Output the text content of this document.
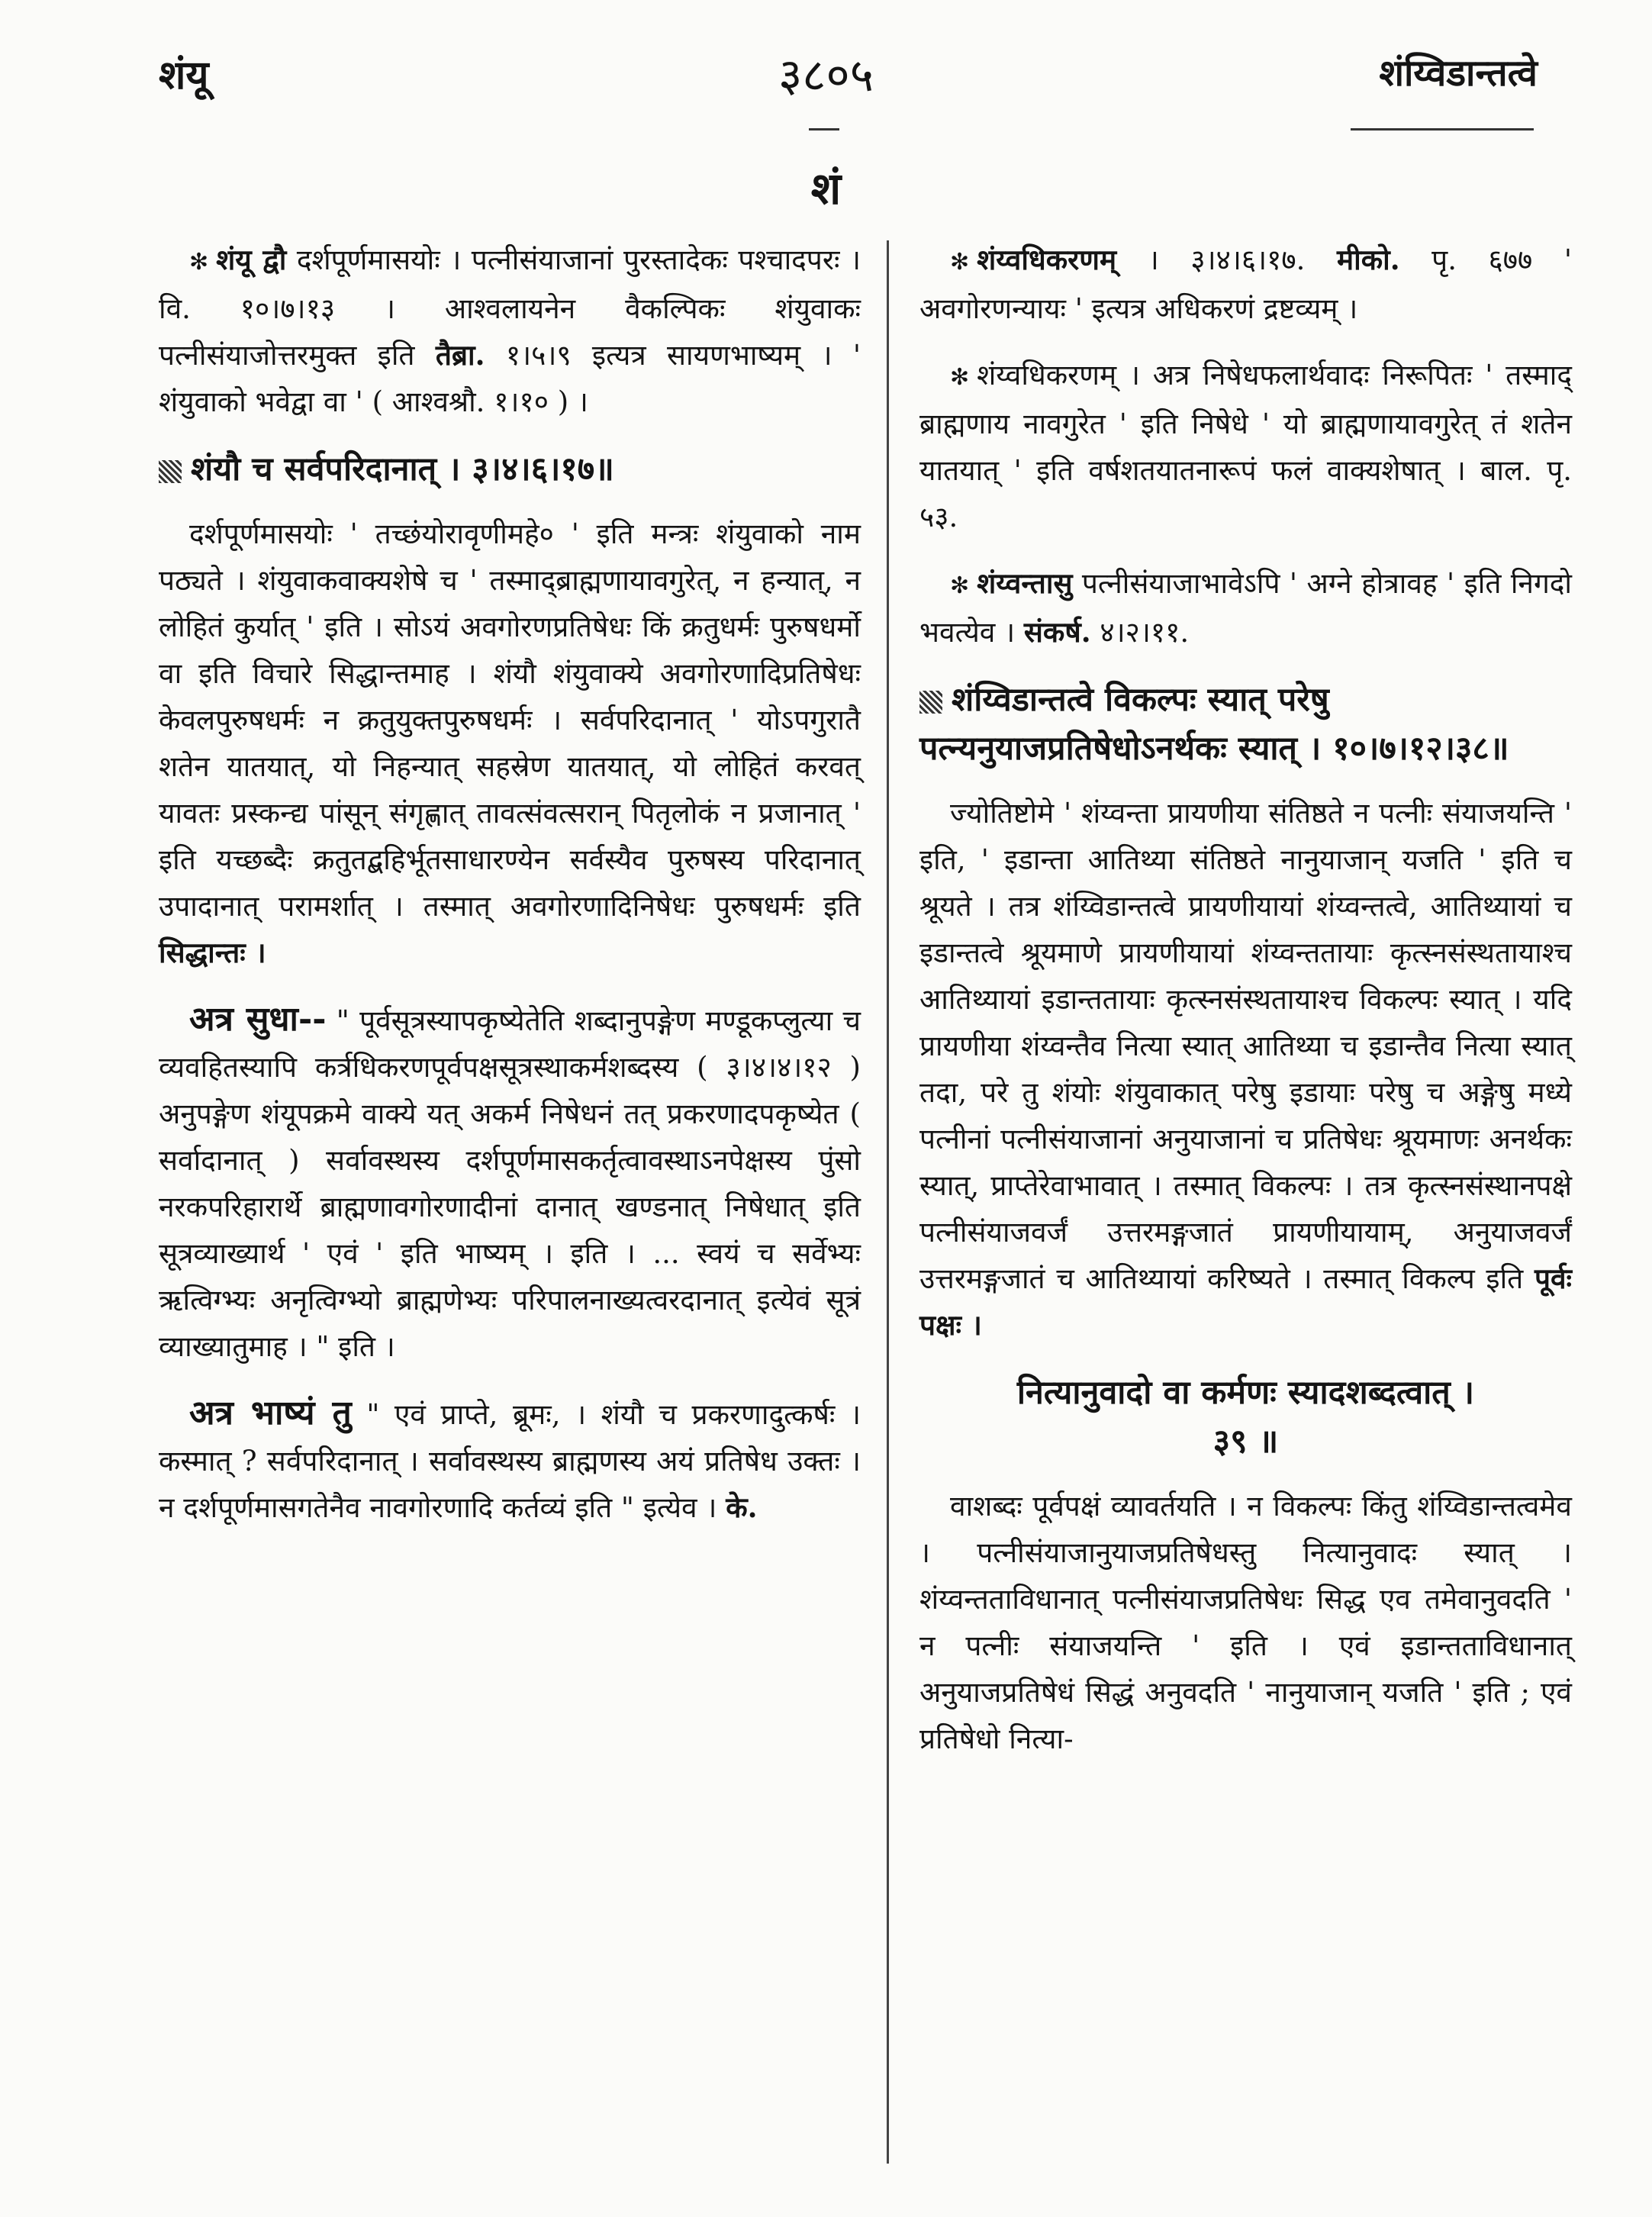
शंयू	३८०५	शंय्विडान्तत्वे
शं

✻ शंयू द्वौ दर्शपूर्णमासयोः । पत्नीसंयाजानां पुरस्तादेकः पश्चादपरः । वि. १०।७।१३ । आश्वलायनेन वैकल्पिकः शंयुवाकः पत्नीसंयाजोत्तरमुक्त इति तैब्रा. १।५।९ इत्यत्र सायणभाष्यम् । ' शंयुवाको भवेद्वा वा ' ( आश्वश्रौ. १।१० ) ।

शंयौ च सर्वपरिदानात् । ३।४।६।१७॥

दर्शपूर्णमासयोः ' तच्छंयोरावृणीमहे० ' इति मन्त्रः शंयुवाको नाम पठ्यते । शंयुवाकवाक्यशेषे च ' तस्माद्ब्राह्मणायावगुरेत्, न हन्यात्, न लोहितं कुर्यात् ' इति । सोऽयं अवगोरणप्रतिषेधः किं क्रतुधर्मः पुरुषधर्मो वा इति विचारे सिद्धान्तमाह । शंयौ शंयुवाक्ये अवगोरणादिप्रतिषेधः केवलपुरुषधर्मः न क्रतुयुक्तपुरुषधर्मः । सर्वपरिदानात् ' योऽपगुरातै शतेन यातयात्, यो निहन्यात् सहस्रेण यातयात्, यो लोहितं करवत् यावतः प्रस्कन्द्य पांसून् संगृह्णात् तावत्संवत्सरान् पितृलोकं न प्रजानात् ' इति यच्छब्दैः क्रतुतद्बहिर्भूतसाधारण्येन सर्वस्यैव पुरुषस्य परिदानात् उपादानात् परामर्शात् । तस्मात् अवगोरणादिनिषेधः पुरुषधर्मः इति सिद्धान्तः ।

अत्र सुधा-- " पूर्वसूत्रस्यापकृष्येतेति शब्दानुपङ्गेण मण्डूकप्लुत्या च व्यवहितस्यापि कर्त्रधिकरणपूर्वपक्षसूत्रस्थाकर्मशब्दस्य ( ३।४।४।१२ ) अनुपङ्गेण शंयूपक्रमे वाक्ये यत् अकर्म निषेधनं तत् प्रकरणादपकृष्येत ( सर्वादानात् ) सर्वावस्थस्य दर्शपूर्णमासकर्तृत्वावस्थाऽनपेक्षस्य पुंसो नरकपरिहारार्थे ब्राह्मणावगोरणादीनां दानात् खण्डनात् निषेधात् इति सूत्रव्याख्यार्थ ' एवं ' इति भाष्यम् । इति । ... स्वयं च सर्वेभ्यः ऋत्विग्भ्यः अनृत्विग्भ्यो ब्राह्मणेभ्यः परिपालनाख्यत्वरदानात् इत्येवं सूत्रं व्याख्यातुमाह । " इति ।

अत्र भाष्यं तु " एवं प्राप्ते, ब्रूमः, । शंयौ च प्रकरणादुत्कर्षः । कस्मात् ? सर्वपरिदानात् । सर्वावस्थस्य ब्राह्मणस्य अयं प्रतिषेध उक्तः । न दर्शपूर्णमासगतेनैव नावगोरणादि कर्तव्यं इति " इत्येव । के.

✻ शंय्वधिकरणम् । ३।४।६।१७. मीको. पृ. ६७७ ' अवगोरणन्यायः ' इत्यत्र अधिकरणं द्रष्टव्यम् ।

✻ शंय्वधिकरणम् । अत्र निषेधफलार्थवादः निरूपितः ' तस्माद् ब्राह्मणाय नावगुरेत ' इति निषेधे ' यो ब्राह्मणायावगुरेत् तं शतेन यातयात् ' इति वर्षशतयातनारूपं फलं वाक्यशेषात् । बाल. पृ. ५३.

✻ शंय्वन्तासु पत्नीसंयाजाभावेऽपि ' अग्ने होत्रावह ' इति निगदो भवत्येव । संकर्ष. ४।२।११.

शंय्विडान्तत्वे विकल्पः स्यात् परेषु पत्न्यनुयाजप्रतिषेधोऽनर्थकः स्यात् । १०।७।१२।३८॥

ज्योतिष्टोमे ' शंय्वन्ता प्रायणीया संतिष्ठते न पत्नीः संयाजयन्ति ' इति, ' इडान्ता आतिथ्या संतिष्ठते नानुयाजान् यजति ' इति च श्रूयते । तत्र शंय्विडान्तत्वे प्रायणीयायां शंय्वन्तत्वे, आतिथ्यायां च इडान्तत्वे श्रूयमाणे प्रायणीयायां शंय्वन्ततायाः कृत्स्नसंस्थतायाश्च आतिथ्यायां इडान्ततायाः कृत्स्नसंस्थतायाश्च विकल्पः स्यात् । यदि प्रायणीया शंय्वन्तैव नित्या स्यात् आतिथ्या च इडान्तैव नित्या स्यात् तदा, परे तु शंयोः शंयुवाकात् परेषु इडायाः परेषु च अङ्गेषु मध्ये पत्नीनां पत्नीसंयाजानां अनुयाजानां च प्रतिषेधः श्रूयमाणः अनर्थकः स्यात्, प्राप्तेरेवाभावात् । तस्मात् विकल्पः । तत्र कृत्स्नसंस्थानपक्षे पत्नीसंयाजवर्जं उत्तरमङ्गजातं प्रायणीयायाम्, अनुयाजवर्जं उत्तरमङ्गजातं च आतिथ्यायां करिष्यते । तस्मात् विकल्प इति पूर्वः पक्षः ।

नित्यानुवादो वा कर्मणः स्यादशब्दत्वात् ।
३९ ॥

वाशब्दः पूर्वपक्षं व्यावर्तयति । न विकल्पः किंतु शंय्विडान्तत्वमेव । पत्नीसंयाजानुयाजप्रतिषेधस्तु नित्यानुवादः स्यात् । शंय्वन्तताविधानात् पत्नीसंयाजप्रतिषेधः सिद्ध एव तमेवानुवदति ' न पत्नीः संयाजयन्ति ' इति । एवं इडान्तताविधानात् अनुयाजप्रतिषेधं सिद्धं अनुवदति ' नानुयाजान् यजति ' इति ; एवं प्रतिषेधो नित्या-
